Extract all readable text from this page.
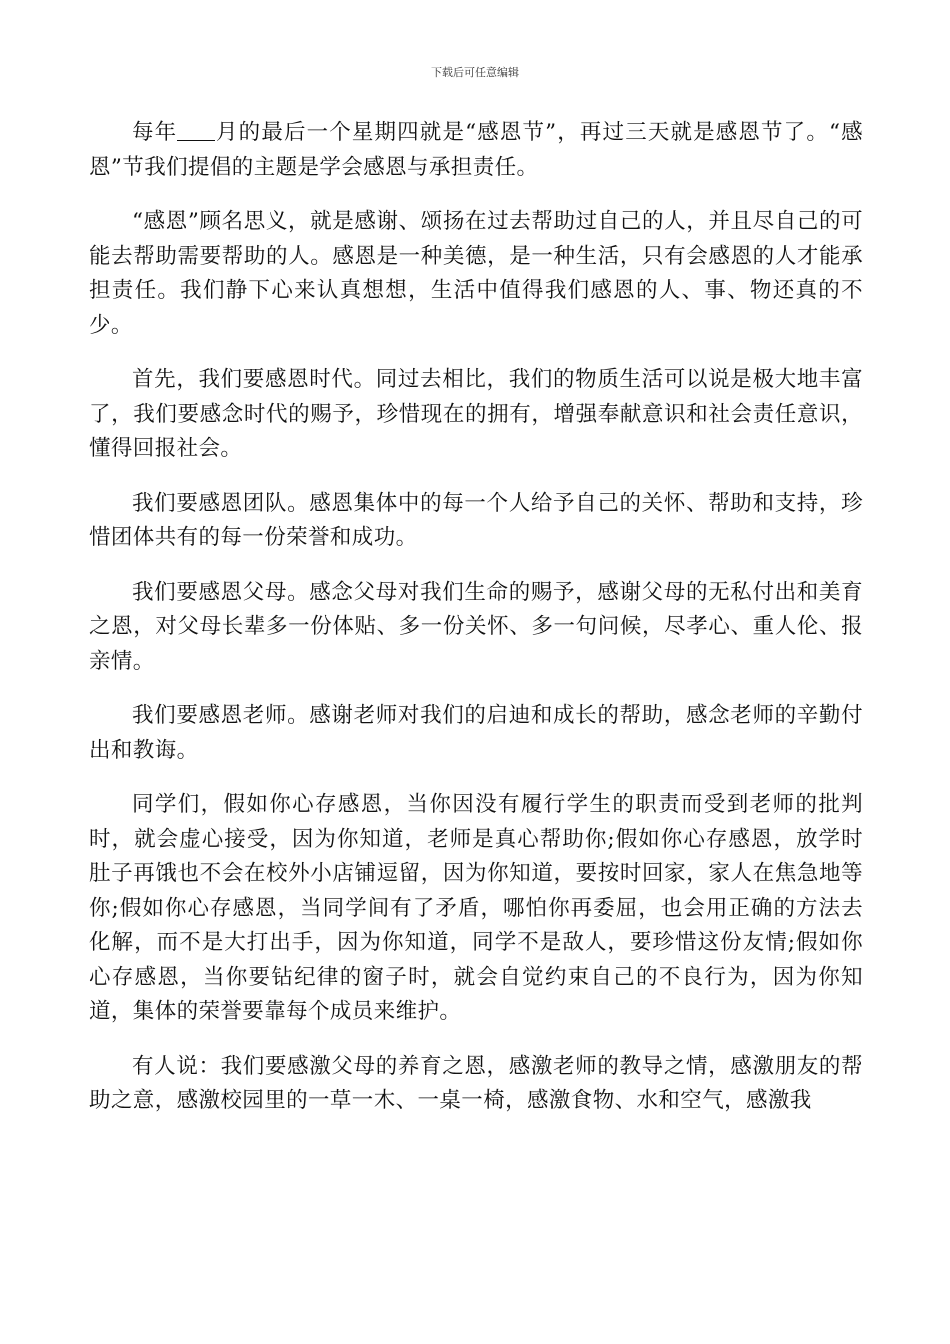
下载后可任意编辑

每年 月的最后一个星期四就是“感恩节”，再过三天就是感恩节了。“感恩”节我们提倡的主题是学会感恩与承担责任。

“感恩”顾名思义，就是感谢、颂扬在过去帮助过自己的人，并且尽自己的可能去帮助需要帮助的人。感恩是一种美德，是一种生活，只有会感恩的人才能承担责任。我们静下心来认真想想，生活中值得我们感恩的人、事、物还真的不少。

首先，我们要感恩时代。同过去相比，我们的物质生活可以说是极大地丰富了，我们要感念时代的赐予，珍惜现在的拥有，增强奉献意识和社会责任意识，懂得回报社会。

我们要感恩团队。感恩集体中的每一个人给予自己的关怀、帮助和支持，珍惜团体共有的每一份荣誉和成功。

我们要感恩父母。感念父母对我们生命的赐予，感谢父母的无私付出和美育之恩，对父母长辈多一份体贴、多一份关怀、多一句问候，尽孝心、重人伦、报亲情。

我们要感恩老师。感谢老师对我们的启迪和成长的帮助，感念老师的辛勤付出和教诲。

同学们，假如你心存感恩，当你因没有履行学生的职责而受到老师的批判时，就会虚心接受，因为你知道，老师是真心帮助你;假如你心存感恩，放学时肚子再饿也不会在校外小店铺逗留，因为你知道，要按时回家，家人在焦急地等你;假如你心存感恩，当同学间有了矛盾，哪怕你再委屈，也会用正确的方法去化解，而不是大打出手，因为你知道，同学不是敌人，要珍惜这份友情;假如你心存感恩，当你要钻纪律的窗子时，就会自觉约束自己的不良行为，因为你知道，集体的荣誉要靠每个成员来维护。

有人说：我们要感激父母的养育之恩，感激老师的教导之情，感激朋友的帮助之意，感激校园里的一草一木、一桌一椅，感激食物、水和空气，感激我
